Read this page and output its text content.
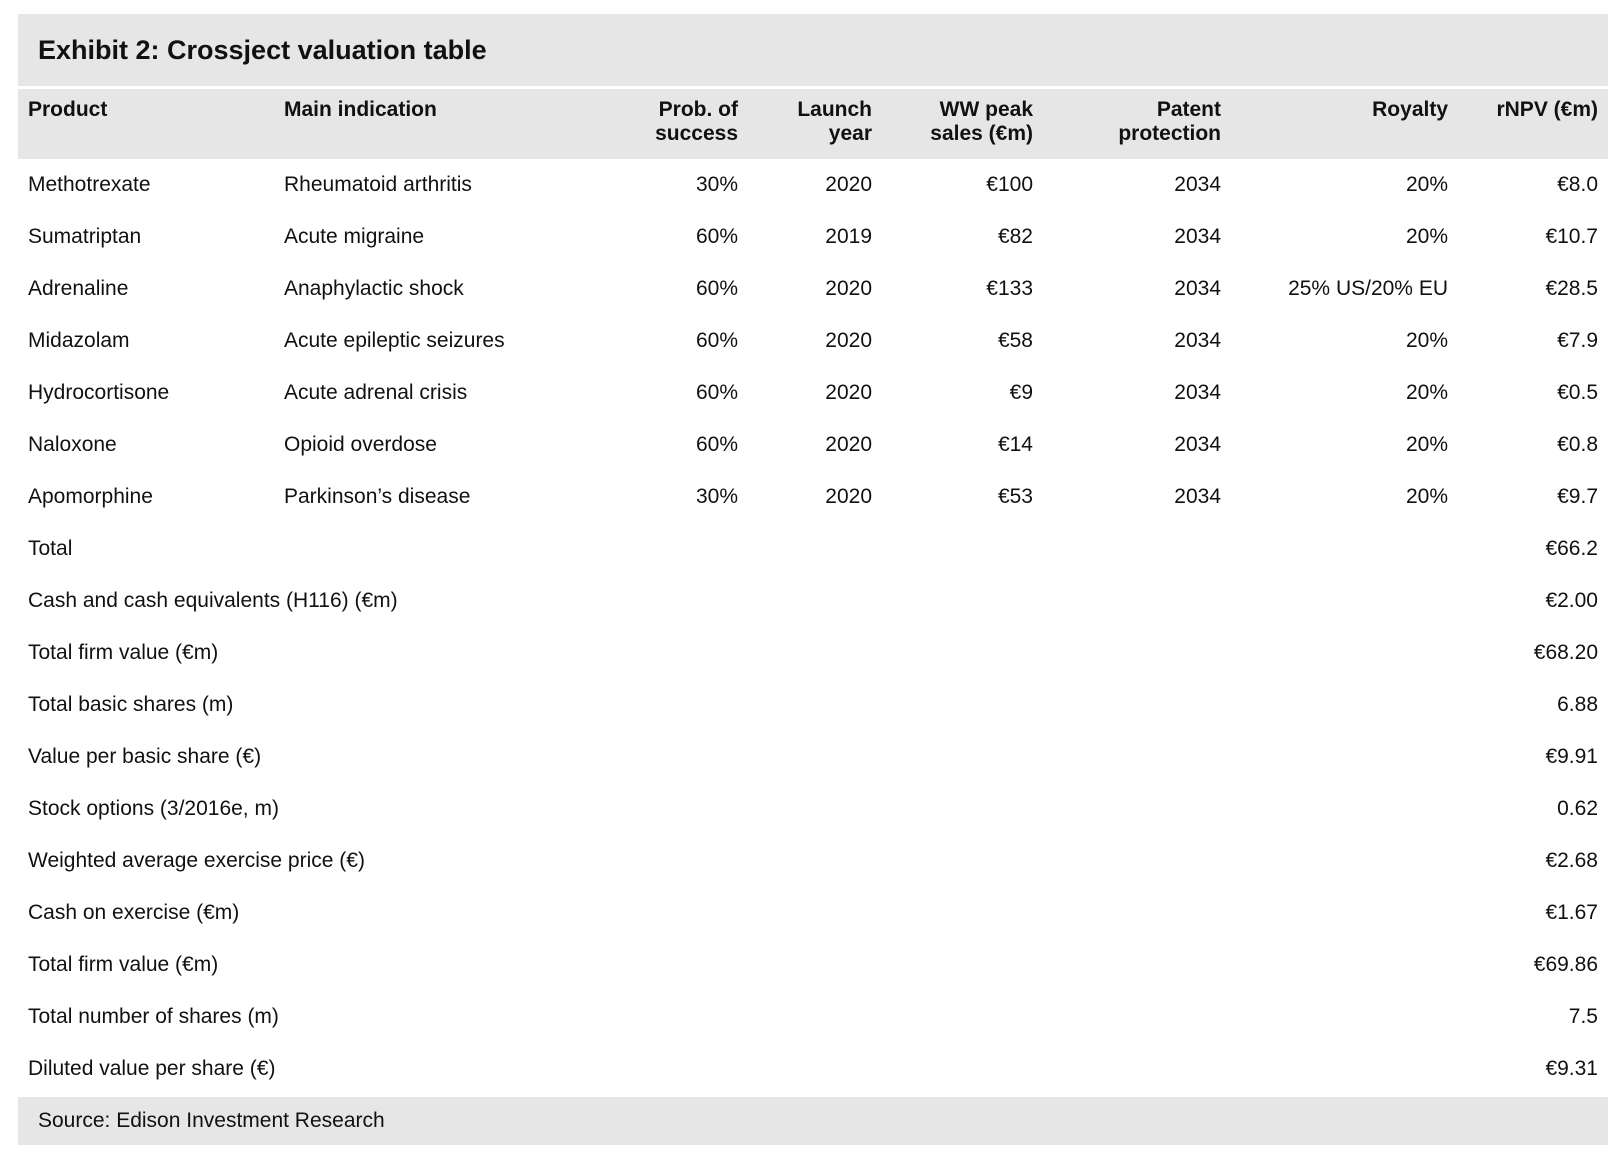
Exhibit 2: Crossject valuation table
Product	Main indication	Prob. of success	Launch year	WW peak sales (€m)	Patent protection	Royalty	rNPV (€m)
Methotrexate	Rheumatoid arthritis	30%	2020	€100	2034	20%	€8.0
Sumatriptan	Acute migraine	60%	2019	€82	2034	20%	€10.7
Adrenaline	Anaphylactic shock	60%	2020	€133	2034	25% US/20% EU	€28.5
Midazolam	Acute epileptic seizures	60%	2020	€58	2034	20%	€7.9
Hydrocortisone	Acute adrenal crisis	60%	2020	€9	2034	20%	€0.5
Naloxone	Opioid overdose	60%	2020	€14	2034	20%	€0.8
Apomorphine	Parkinson’s disease	30%	2020	€53	2034	20%	€9.7
Total							€66.2
Cash and cash equivalents (H116) (€m)							€2.00
Total firm value (€m)							€68.20
Total basic shares (m)							6.88
Value per basic share (€)							€9.91
Stock options (3/2016e, m)							0.62
Weighted average exercise price (€)							€2.68
Cash on exercise (€m)							€1.67
Total firm value (€m)							€69.86
Total number of shares (m)							7.5
Diluted value per share (€)							€9.31
Source: Edison Investment Research
